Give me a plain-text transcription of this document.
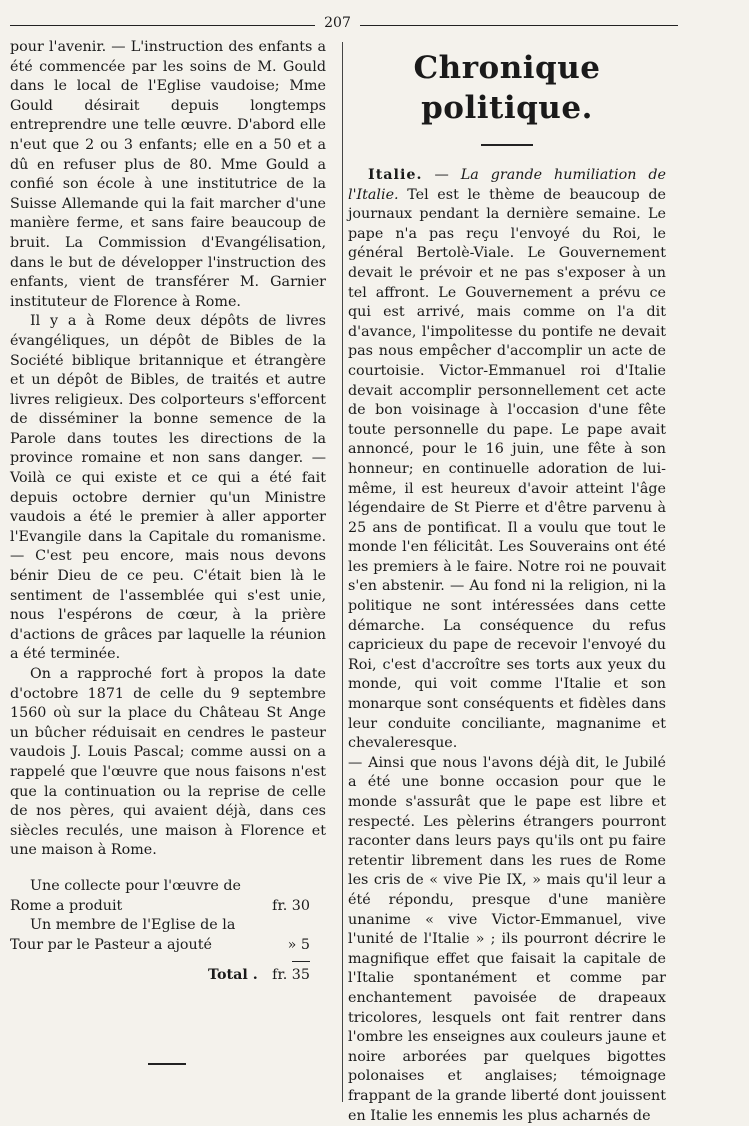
207

pour l'avenir. — L'instruction des enfants a été commencée par les soins de M. Gould dans le local de l'Eglise vaudoise; Mme Gould désirait depuis longtemps entreprendre une telle œuvre. D'abord elle n'eut que 2 ou 3 enfants; elle en a 50 et a dû en refuser plus de 80. Mme Gould a confié son école à une institutrice de la Suisse Allemande qui la fait marcher d'une manière ferme, et sans faire beaucoup de bruit. La Commission d'Evangélisation, dans le but de développer l'instruction des enfants, vient de transférer M. Garnier instituteur de Florence à Rome.

Il y a à Rome deux dépôts de livres évangéliques, un dépôt de Bibles de la Société biblique britannique et étrangère et un dépôt de Bibles, de traités et autre livres religieux. Des colporteurs s'efforcent de disséminer la bonne semence de la Parole dans toutes les directions de la province romaine et non sans danger. — Voilà ce qui existe et ce qui a été fait depuis octobre dernier qu'un Ministre vaudois a été le premier à aller apporter l'Evangile dans la Capitale du romanisme. — C'est peu encore, mais nous devons bénir Dieu de ce peu. C'était bien là le sentiment de l'assemblée qui s'est unie, nous l'espérons de cœur, à la prière d'actions de grâces par laquelle la réunion a été terminée.

On a rapproché fort à propos la date d'octobre 1871 de celle du 9 septembre 1560 où sur la place du Château St Ange un bûcher réduisait en cendres le pasteur vaudois J. Louis Pascal; comme aussi on a rappelé que l'œuvre que nous faisons n'est que la continuation ou la reprise de celle de nos pères, qui avaient déjà, dans ces siècles reculés, une maison à Florence et une maison à Rome.

Une collecte pour l'œuvre de
Rome a produit	fr. 30
Un membre de l'Eglise de la
Tour par le Pasteur a ajouté	» 5
Total . fr. 35
Chronique politique.

Italie. — La grande humiliation de l'Italie. Tel est le thème de beaucoup de journaux pendant la dernière semaine. Le pape n'a pas reçu l'envoyé du Roi, le général Bertolè-Viale. Le Gouvernement devait le prévoir et ne pas s'exposer à un tel affront. Le Gouvernement a prévu ce qui est arrivé, mais comme on l'a dit d'avance, l'impolitesse du pontife ne devait pas nous empêcher d'accomplir un acte de courtoisie. Victor-Emmanuel roi d'Italie devait accomplir personnellement cet acte de bon voisinage à l'occasion d'une fête toute personnelle du pape. Le pape avait annoncé, pour le 16 juin, une fête à son honneur; en continuelle adoration de lui-même, il est heureux d'avoir atteint l'âge légendaire de St Pierre et d'être parvenu à 25 ans de pontificat. Il a voulu que tout le monde l'en félicitât. Les Souverains ont été les premiers à le faire. Notre roi ne pouvait s'en abstenir. — Au fond ni la religion, ni la politique ne sont intéressées dans cette démarche. La conséquence du refus capricieux du pape de recevoir l'envoyé du Roi, c'est d'accroître ses torts aux yeux du monde, qui voit comme l'Italie et son monarque sont conséquents et fidèles dans leur conduite conciliante, magnanime et chevaleresque.

— Ainsi que nous l'avons déjà dit, le Jubilé a été une bonne occasion pour que le monde s'assurât que le pape est libre et respecté. Les pèlerins étrangers pourront raconter dans leurs pays qu'ils ont pu faire retentir librement dans les rues de Rome les cris de « vive Pie IX, » mais qu'il leur a été répondu, presque d'une manière unanime « vive Victor-Emmanuel, vive l'unité de l'Italie » ; ils pourront décrire le magnifique effet que faisait la capitale de l'Italie spontanément et comme par enchantement pavoisée de drapeaux tricolores, lesquels ont fait rentrer dans l'ombre les enseignes aux couleurs jaune et noire arborées par quelques bigottes polonaises et anglaises; témoignage frappant de la grande liberté dont jouissent en Italie les ennemis les plus acharnés de
